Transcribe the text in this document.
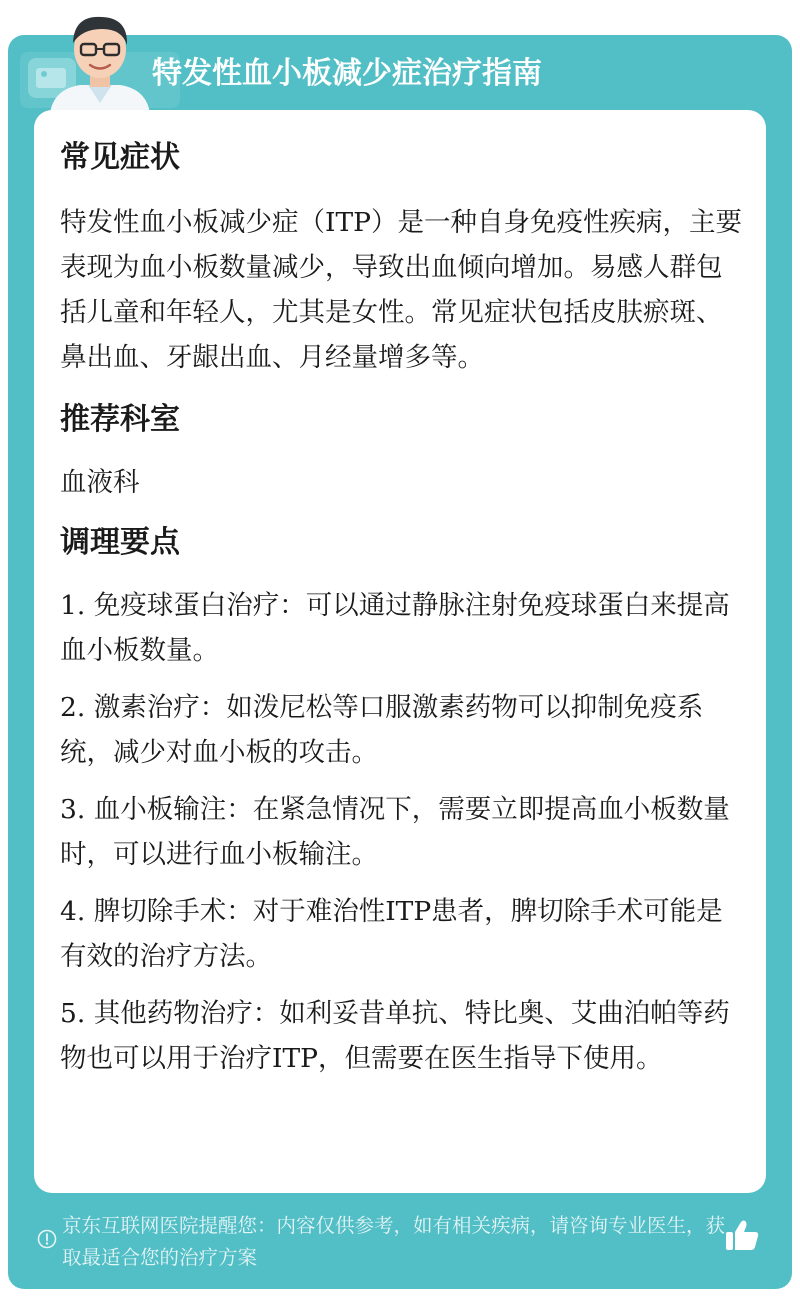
特发性血小板减少症治疗指南
常见症状

特发性血小板减少症（ITP）是一种自身免疫性疾病，主要表现为血小板数量减少，导致出血倾向增加。易感人群包括儿童和年轻人，尤其是女性。常见症状包括皮肤瘀斑、鼻出血、牙龈出血、月经量增多等。

推荐科室

血液科

调理要点

1. 免疫球蛋白治疗：可以通过静脉注射免疫球蛋白来提高血小板数量。

2. 激素治疗：如泼尼松等口服激素药物可以抑制免疫系统，减少对血小板的攻击。

3. 血小板输注：在紧急情况下，需要立即提高血小板数量时，可以进行血小板输注。

4. 脾切除手术：对于难治性ITP患者，脾切除手术可能是有效的治疗方法。

5. 其他药物治疗：如利妥昔单抗、特比奥、艾曲泊帕等药物也可以用于治疗ITP，但需要在医生指导下使用。

京东互联网医院提醒您：内容仅供参考，如有相关疾病，请咨询专业医生，获取最适合您的治疗方案
